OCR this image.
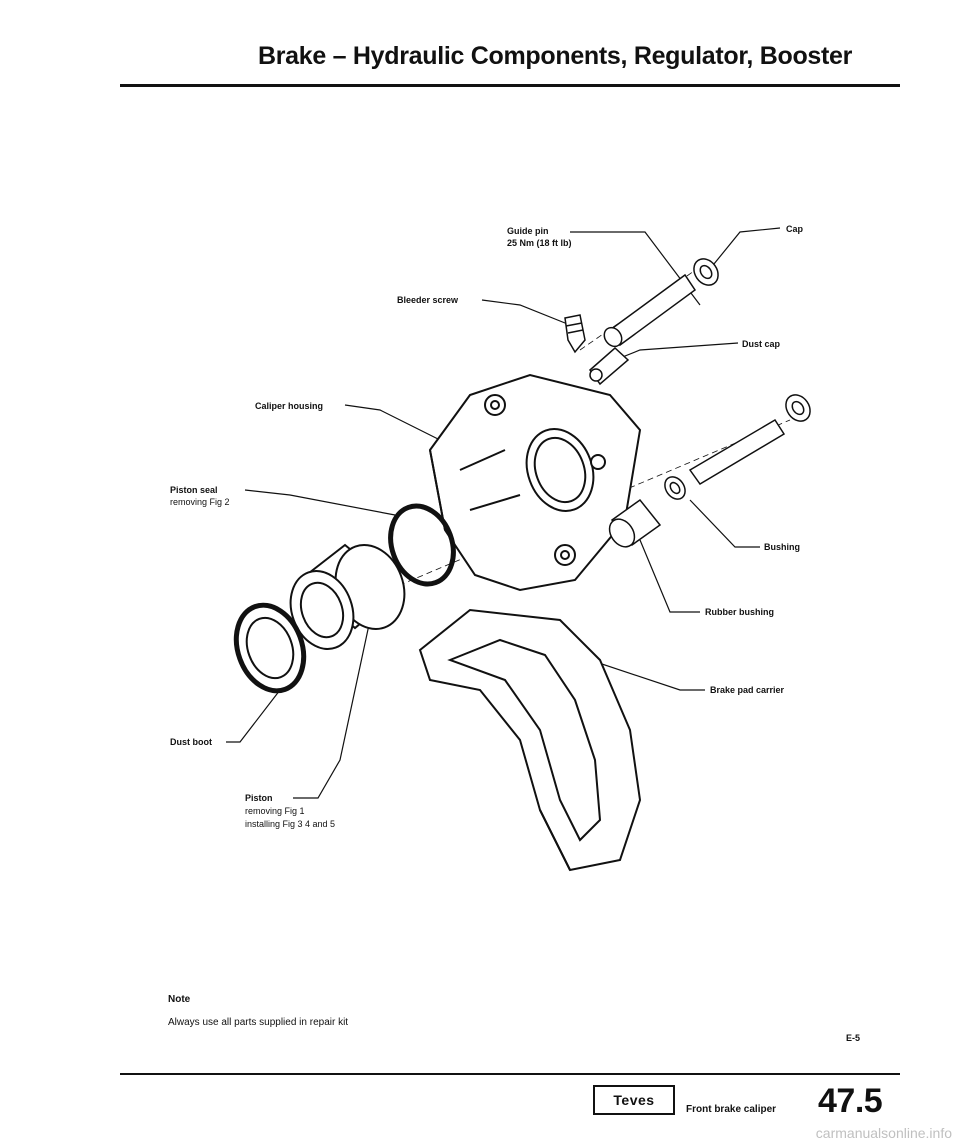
Brake – Hydraulic Components, Regulator, Booster
Guide pin
25 Nm (18 ft lb)
Cap
Bleeder screw
Dust cap
Caliper housing
Piston seal
removing Fig 2
Bushing
Rubber bushing
Brake pad carrier
Dust boot
Piston
removing Fig 1
installing Fig 3 4 and 5
Note
Always use all parts supplied in repair kit
E-5
Teves
Front brake caliper 47.5
carmanualsonline.info
